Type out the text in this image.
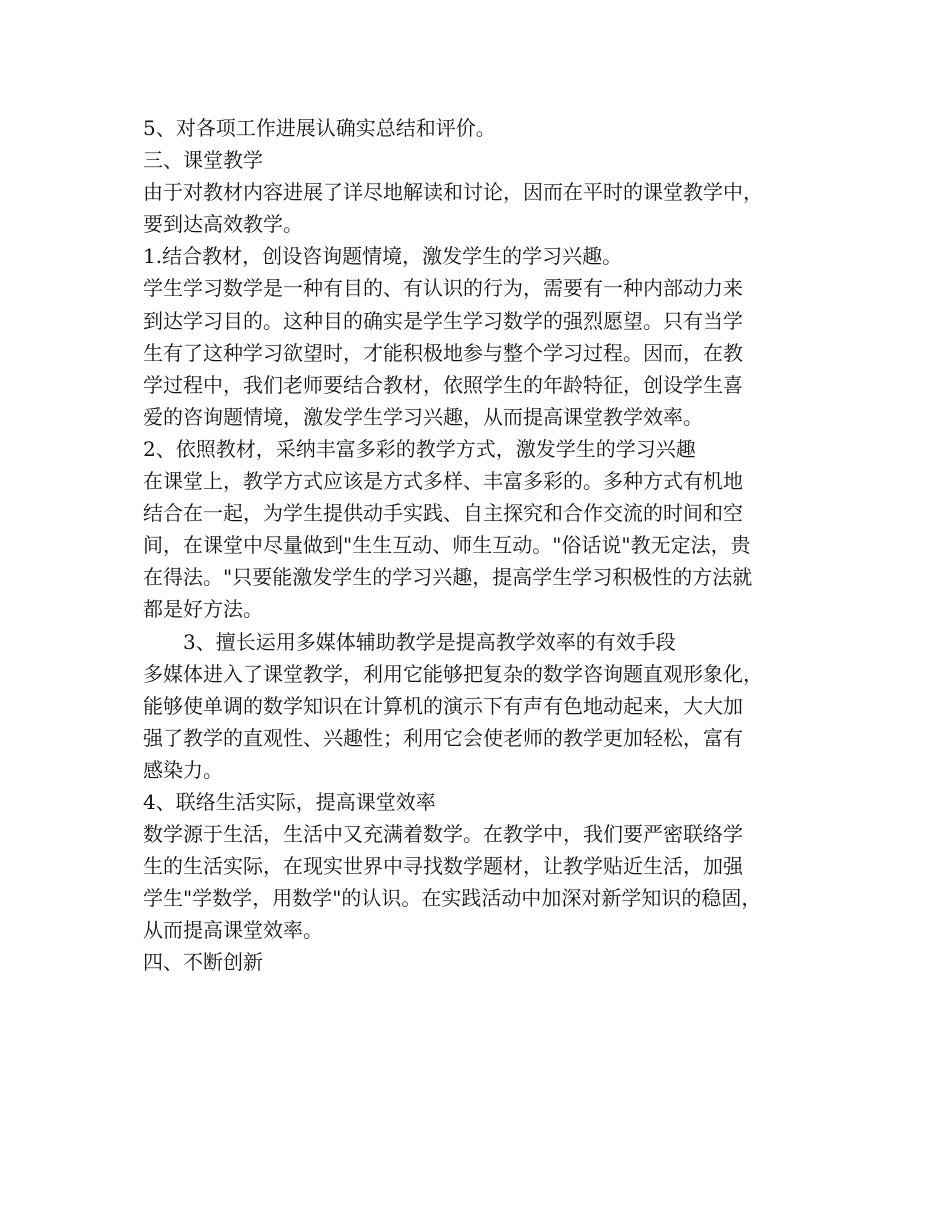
5、对各项工作进展认确实总结和评价。
三、课堂教学
由于对教材内容进展了详尽地解读和讨论，因而在平时的课堂教学中，
要到达高效教学。
1.结合教材，创设咨询题情境，激发学生的学习兴趣。
学生学习数学是一种有目的、有认识的行为，需要有一种内部动力来
到达学习目的。这种目的确实是学生学习数学的强烈愿望。只有当学
生有了这种学习欲望时，才能积极地参与整个学习过程。因而，在教
学过程中，我们老师要结合教材，依照学生的年龄特征，创设学生喜
爱的咨询题情境，激发学生学习兴趣，从而提高课堂教学效率。
2、依照教材，采纳丰富多彩的教学方式，激发学生的学习兴趣
在课堂上，教学方式应该是方式多样、丰富多彩的。多种方式有机地
结合在一起，为学生提供动手实践、自主探究和合作交流的时间和空
间，在课堂中尽量做到"生生互动、师生互动。"俗话说"教无定法，贵
在得法。"只要能激发学生的学习兴趣，提高学生学习积极性的方法就
都是好方法。
3、擅长运用多媒体辅助教学是提高教学效率的有效手段
多媒体进入了课堂教学，利用它能够把复杂的数学咨询题直观形象化，
能够使单调的数学知识在计算机的演示下有声有色地动起来，大大加
强了教学的直观性、兴趣性；利用它会使老师的教学更加轻松，富有
感染力。
4、联络生活实际，提高课堂效率
数学源于生活，生活中又充满着数学。在教学中，我们要严密联络学
生的生活实际，在现实世界中寻找数学题材，让教学贴近生活，加强
学生"学数学，用数学"的认识。在实践活动中加深对新学知识的稳固，
从而提高课堂效率。
四、不断创新
